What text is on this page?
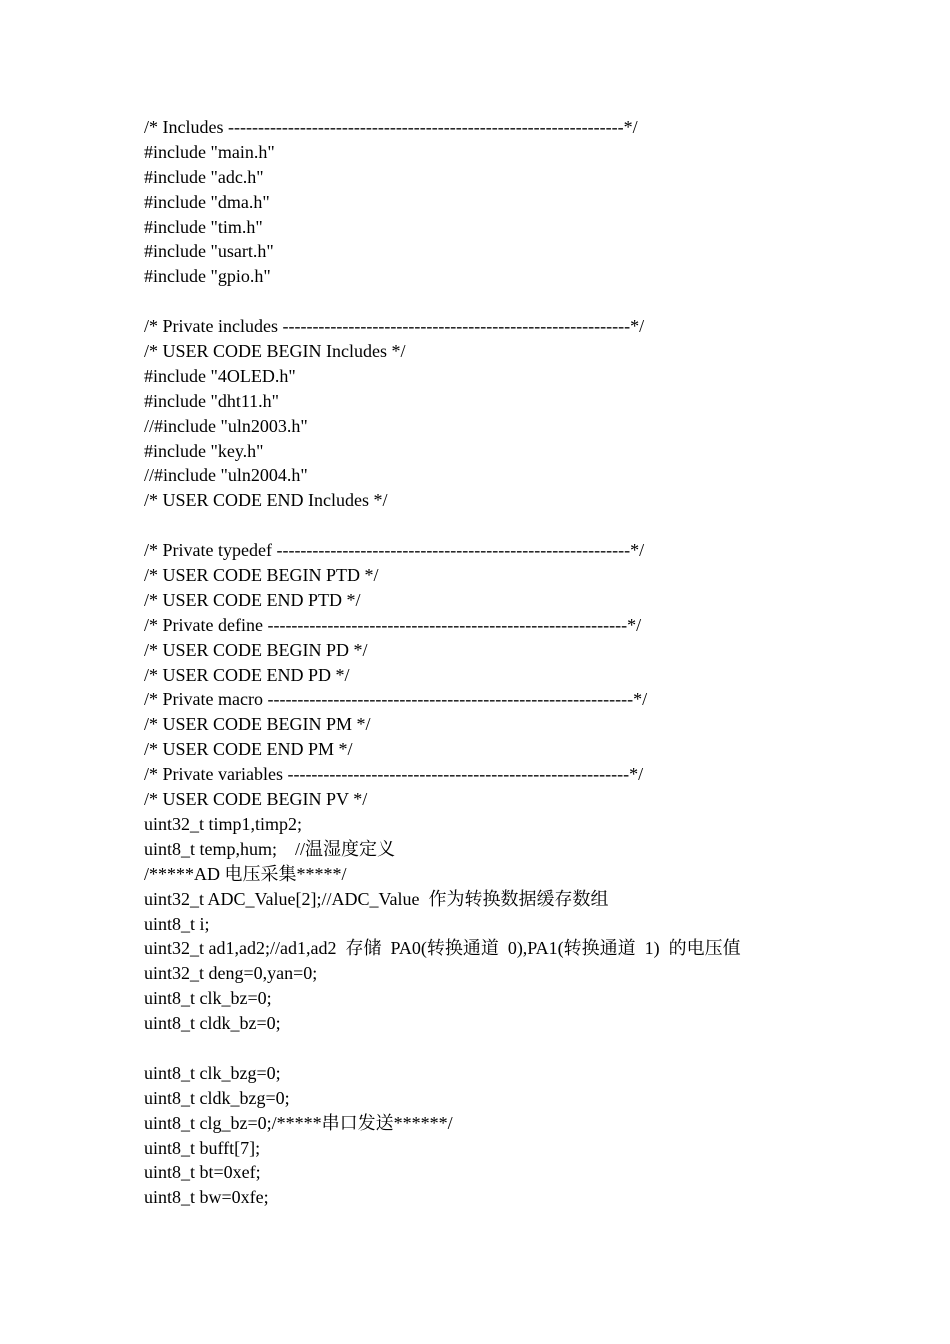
/* Includes ------------------------------------------------------------------*/
#include "main.h"
#include "adc.h"
#include "dma.h"
#include "tim.h"
#include "usart.h"
#include "gpio.h"
/* Private includes ----------------------------------------------------------*/
/* USER CODE BEGIN Includes */
#include "4OLED.h"
#include "dht11.h"
//#include "uln2003.h"
#include "key.h"
//#include "uln2004.h"
/* USER CODE END Includes */
/* Private typedef -----------------------------------------------------------*/
/* USER CODE BEGIN PTD */
/* USER CODE END PTD */
/* Private define ------------------------------------------------------------*/
/* USER CODE BEGIN PD */
/* USER CODE END PD */
/* Private macro -------------------------------------------------------------*/
/* USER CODE BEGIN PM */
/* USER CODE END PM */
/* Private variables ---------------------------------------------------------*/
/* USER CODE BEGIN PV */
uint32_t timp1,timp2;
uint8_t temp,hum;    //温湿度定义
/*****AD 电压采集*****/
uint32_t ADC_Value[2];//ADC_Value  作为转换数据缓存数组
uint8_t i;
uint32_t ad1,ad2;//ad1,ad2  存储  PA0(转换通道  0),PA1(转换通道  1)  的电压值
uint32_t deng=0,yan=0;
uint8_t clk_bz=0;
uint8_t cldk_bz=0;
uint8_t clk_bzg=0;
uint8_t cldk_bzg=0;
uint8_t clg_bz=0;/*****串口发送******/
uint8_t bufft[7];
uint8_t bt=0xef;
uint8_t bw=0xfe;
